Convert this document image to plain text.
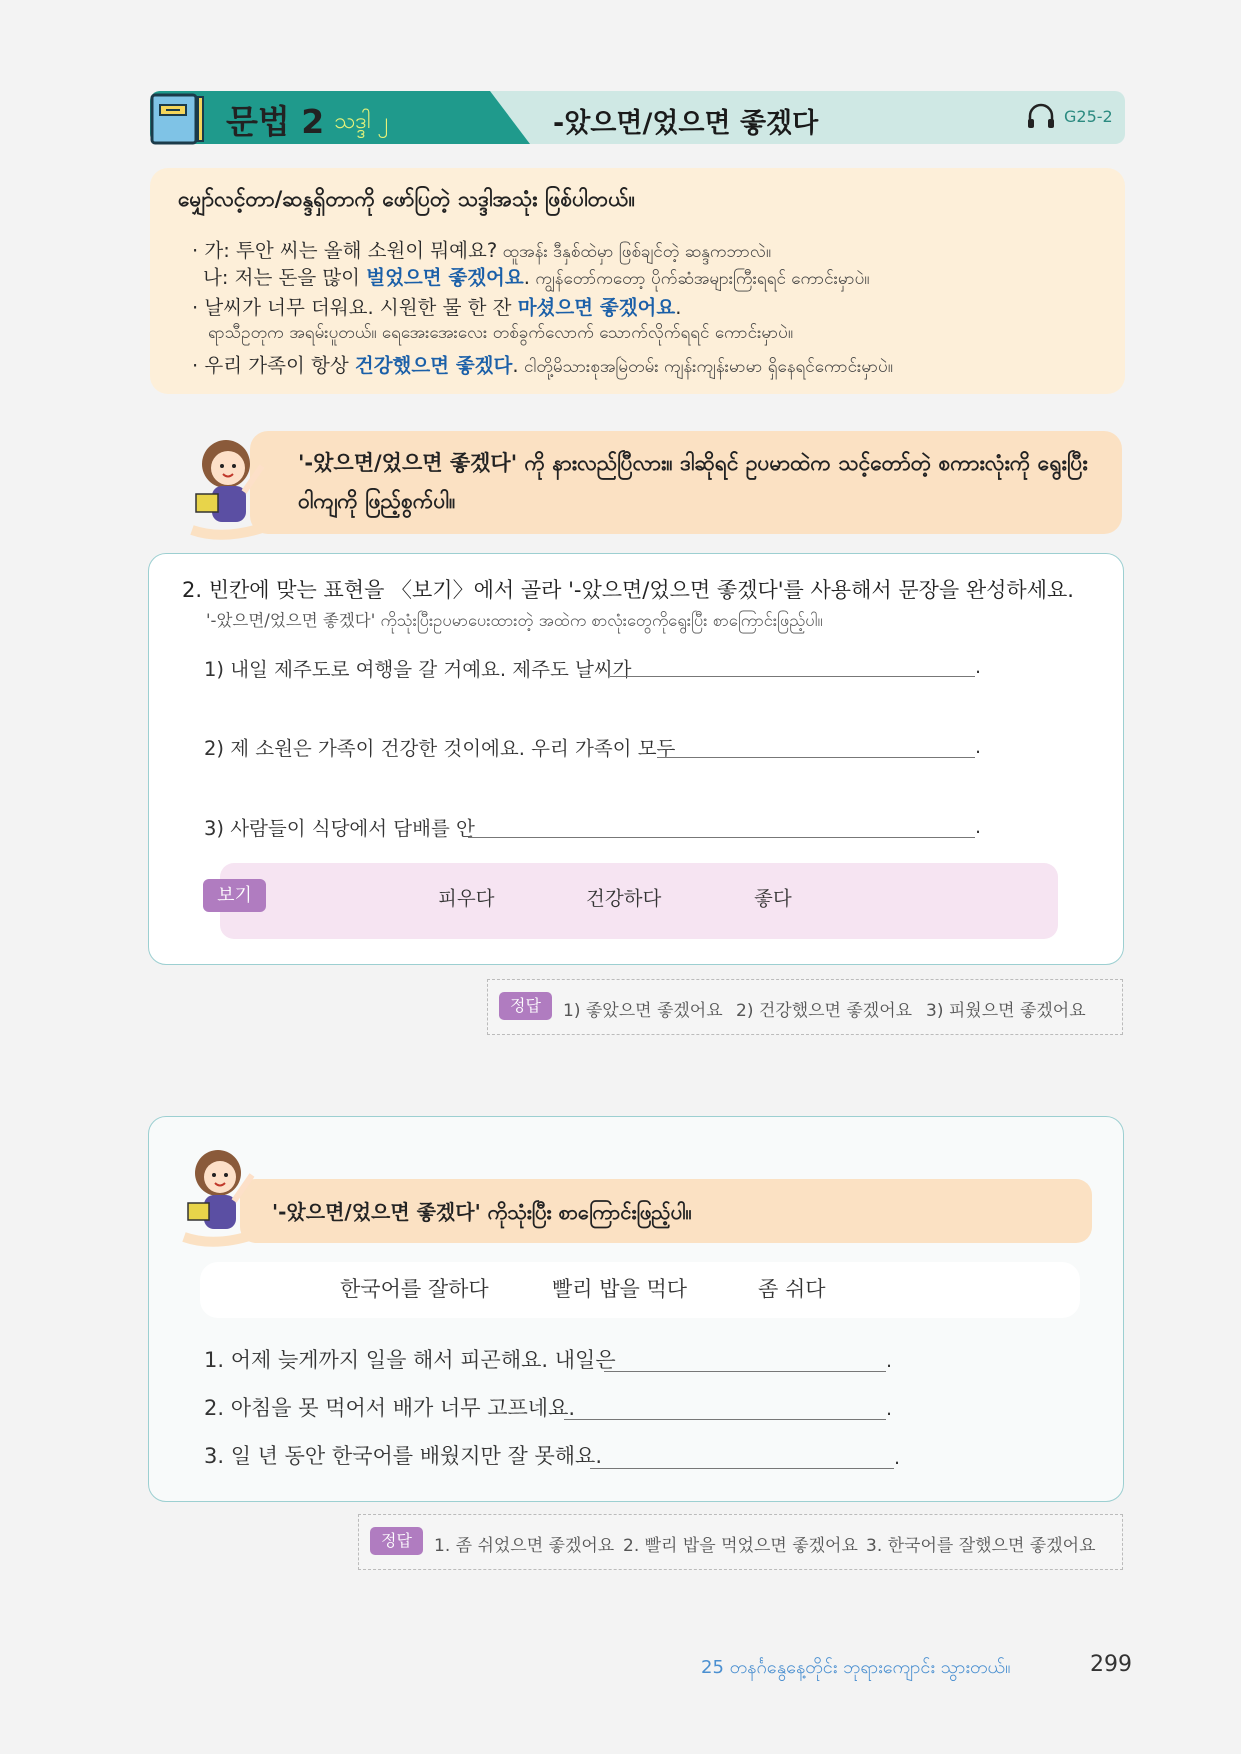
문법 2 သဒ္ဒါ ၂	-았으면/었으면 좋겠다	G25-2
မျှော်လင့်တာ/ဆန္ဒရှိတာကို ဖော်ပြတဲ့ သဒ္ဒါအသုံး ဖြစ်ပါတယ်။
· 가: 투안 씨는 올해 소원이 뭐예요? ထူအန်း ဒီနှစ်ထဲမှာ ဖြစ်ချင်တဲ့ ဆန္ဒကဘာလဲ။
나: 저는 돈을 많이 벌었으면 좋겠어요. ကျွန်တော်ကတော့ ပိုက်ဆံအများကြီးရရင် ကောင်းမှာပဲ။
· 날씨가 너무 더워요. 시원한 물 한 잔 마셨으면 좋겠어요.
ရာသီဥတုက အရမ်းပူတယ်။ ရေအေးအေးလေး တစ်ခွက်လောက် သောက်လိုက်ရရင် ကောင်းမှာပဲ။
· 우리 가족이 항상 건강했으면 좋겠다. ငါတို့မိသားစုအမြဲတမ်း ကျန်းကျန်းမာမာ ရှိနေရင်ကောင်းမှာပဲ။
'-았으면/었으면 좋겠다' ကို နားလည်ပြီလား။ ဒါဆိုရင် ဥပမာထဲက သင့်တော်တဲ့ စကားလုံးကို ရွေးပြီး ဝါကျကို ဖြည့်စွက်ပါ။
2. 빈칸에 맞는 표현을 〈보기〉에서 골라 '-았으면/었으면 좋겠다'를 사용해서 문장을 완성하세요.
'-았으면/었으면 좋겠다' ကိုသုံးပြီးဥပမာပေးထားတဲ့ အထဲက စာလုံးတွေကိုရွေးပြီး စာကြောင်းဖြည့်ပါ။
1) 내일 제주도로 여행을 갈 거예요. 제주도 날씨가	.
2) 제 소원은 가족이 건강한 것이에요. 우리 가족이 모두	.
3) 사람들이 식당에서 담배를 안	.
보기	피우다	건강하다	좋다
정답	1) 좋았으면 좋겠어요 2) 건강했으면 좋겠어요 3) 피웠으면 좋겠어요
'-았으면/었으면 좋겠다' ကိုသုံးပြီး စာကြောင်းဖြည့်ပါ။
한국어를 잘하다	빨리 밥을 먹다	좀 쉬다
1. 어제 늦게까지 일을 해서 피곤해요. 내일은	.
2. 아침을 못 먹어서 배가 너무 고프네요.	.
3. 일 년 동안 한국어를 배웠지만 잘 못해요.	.
정답	1. 좀 쉬었으면 좋겠어요 2. 빨리 밥을 먹었으면 좋겠어요 3. 한국어를 잘했으면 좋겠어요
25 တနင်္ဂနွေနေ့တိုင်း ဘုရားကျောင်း သွားတယ်။	299
